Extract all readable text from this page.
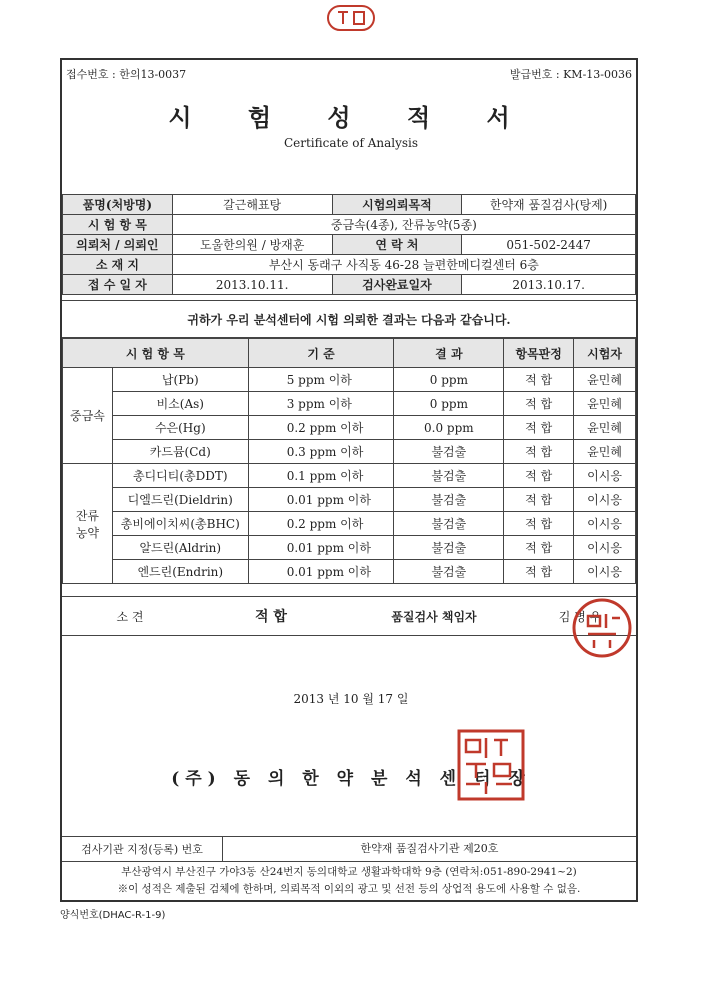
접수번호 : 한의13-0037	발급번호 : KM-13-0036
시 험 성 적 서
Certificate of Analysis
품명(처방명)	갈근해표탕	시험의뢰목적	한약재 품질검사(탕제)
시 험 항 목	중금속(4종), 잔류농약(5종)		
의뢰처 / 의뢰인	도울한의원 / 방재훈	연 락 처	051-502-2447
소 재 지	부산시 동래구 사직동 46-28 늘편한메디컬센터 6층		
접 수 일 자	2013.10.11.	검사완료일자	2013.10.17.
귀하가 우리 분석센터에 시험 의뢰한 결과는 다음과 같습니다.
시 험 항 목		기 준	결 과	항목판정	시험자
중금속	납(Pb)	5 ppm 이하	0 ppm	적 합	윤민혜
	비소(As)	3 ppm 이하	0 ppm	적 합	윤민혜
	수은(Hg)	0.2 ppm 이하	0.0 ppm	적 합	윤민혜
	카드뮴(Cd)	0.3 ppm 이하	불검출	적 합	윤민혜
잔류
농약	총디디티(총DDT)	0.1 ppm 이하	불검출	적 합	이시응
	디엘드린(Dieldrin)	0.01 ppm 이하	불검출	적 합	이시응
	총비에이치씨(총BHC)	0.2 ppm 이하	불검출	적 합	이시응
	알드린(Aldrin)	0.01 ppm 이하	불검출	적 합	이시응
	엔드린(Endrin)	0.01 ppm 이하	불검출	적 합	이시응
소 견	적 합	품질검사 책임자	김 병 우
2013 년 10 월 17 일
(주) 동 의 한 약 분 석 센 터 장
검사기관 지정(등록) 번호	한약재 품질검사기관 제20호
부산광역시 부산진구 가야3동 산24번지 동의대학교 생활과학대학 9층 (연락처:051-890-2941~2)
※이 성적은 제출된 검체에 한하며, 의뢰목적 이외의 광고 및 선전 등의 상업적 용도에 사용할 수 없음.
양식번호(DHAC-R-1-9)
